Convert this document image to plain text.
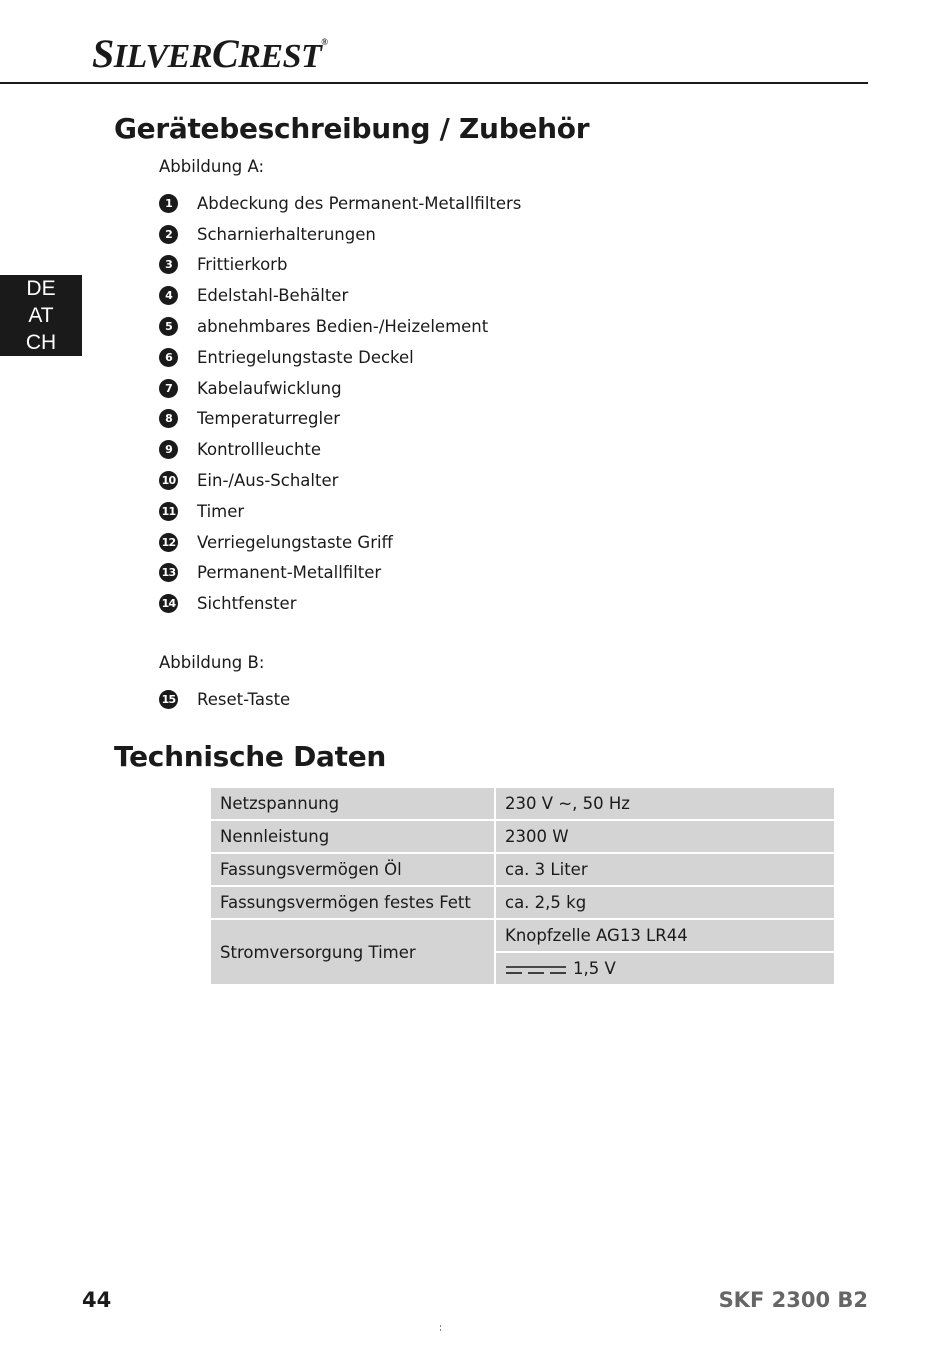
SILVERCREST®
DE
AT
CH
Gerätebeschreibung / Zubehör
Abbildung A:
1	Abdeckung des Permanent-Metallfilters
2	Scharnierhalterungen
3	Frittierkorb
4	Edelstahl-Behälter
5	abnehmbares Bedien-/Heizelement
6	Entriegelungstaste Deckel
7	Kabelaufwicklung
8	Temperaturregler
9	Kontrollleuchte
10 Ein-/Aus-Schalter
11 Timer
12 Verriegelungstaste Griff
13 Permanent-Metallfilter
14 Sichtfenster
Abbildung B:
15 Reset-Taste
Technische Daten
Netzspannung	230 V ~, 50 Hz
Nennleistung	2300 W
Fassungsvermögen Öl	ca. 3 Liter
Fassungsvermögen festes Fett	ca. 2,5 kg
Stromversorgung Timer	Knopfzelle AG13 LR44
	1,5 V
44	SKF 2300 B2
